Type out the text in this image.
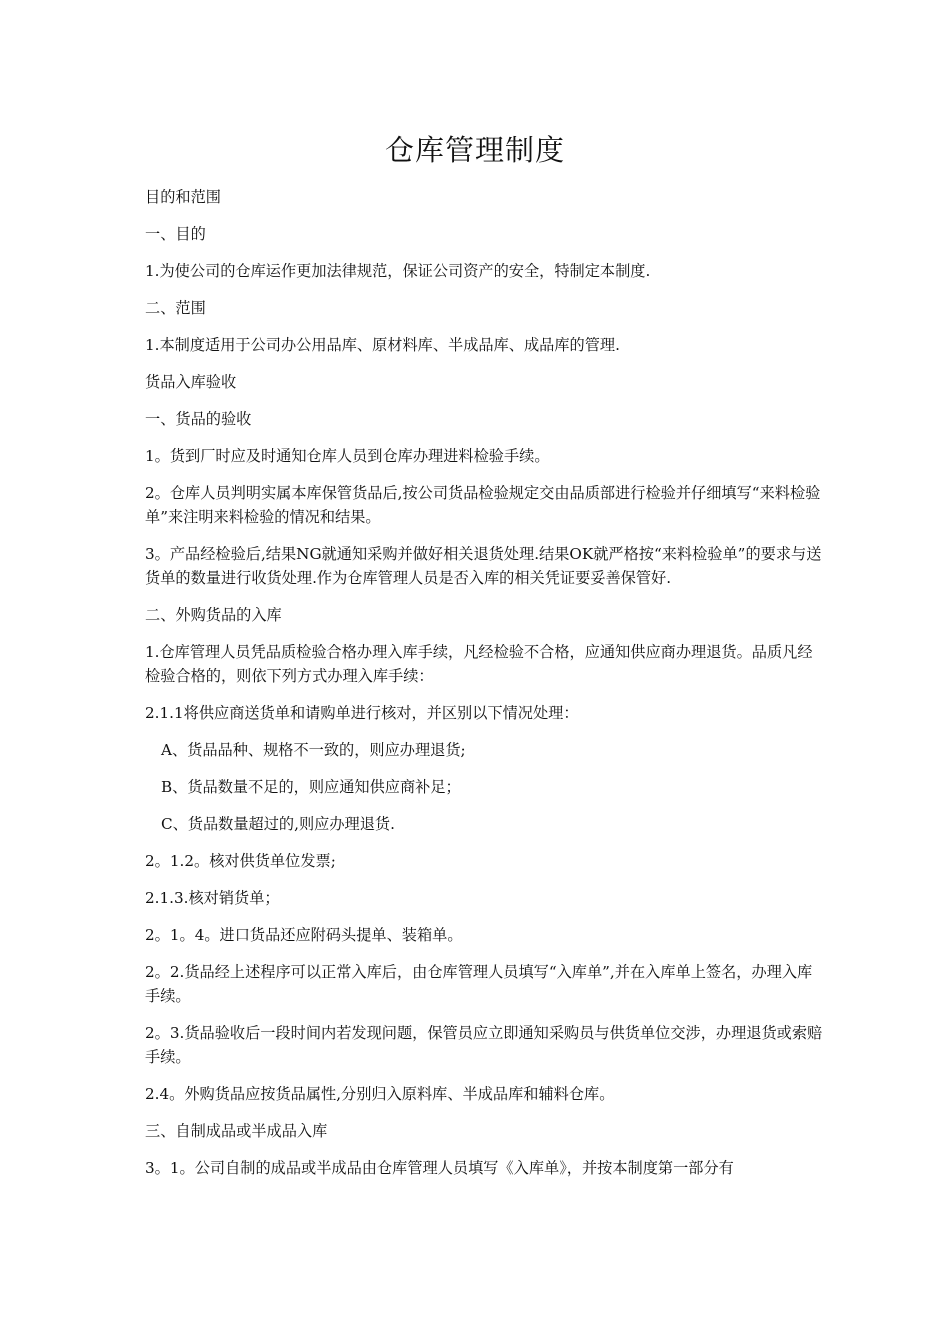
仓库管理制度

目的和范围

一、目的

1.为使公司的仓库运作更加法律规范，保证公司资产的安全，特制定本制度.

二、范围

1.本制度适用于公司办公用品库、原材料库、半成品库、成品库的管理.

货品入库验收

一、货品的验收

1。货到厂时应及时通知仓库人员到仓库办理进料检验手续。

2。仓库人员判明实属本库保管货品后,按公司货品检验规定交由品质部进行检验并仔细填写“来料检验单”来注明来料检验的情况和结果。

3。产品经检验后,结果NG就通知采购并做好相关退货处理.结果OK就严格按“来料检验单”的要求与送货单的数量进行收货处理.作为仓库管理人员是否入库的相关凭证要妥善保管好.

二、外购货品的入库

1.仓库管理人员凭品质检验合格办理入库手续，凡经检验不合格，应通知供应商办理退货。品质凡经检验合格的，则依下列方式办理入库手续：

2.1.1将供应商送货单和请购单进行核对，并区别以下情况处理：

A、货品品种、规格不一致的，则应办理退货;

B、货品数量不足的，则应通知供应商补足；

C、货品数量超过的,则应办理退货.

2。1.2。核对供货单位发票;

2.1.3.核对销货单；

2。1。4。进口货品还应附码头提单、装箱单。

2。2.货品经上述程序可以正常入库后，由仓库管理人员填写“入库单”,并在入库单上签名，办理入库手续。

2。3.货品验收后一段时间内若发现问题，保管员应立即通知采购员与供货单位交涉，办理退货或索赔手续。

2.4。外购货品应按货品属性,分别归入原料库、半成品库和辅料仓库。

三、自制成品或半成品入库

3。1。公司自制的成品或半成品由仓库管理人员填写《入库单》，并按本制度第一部分有
